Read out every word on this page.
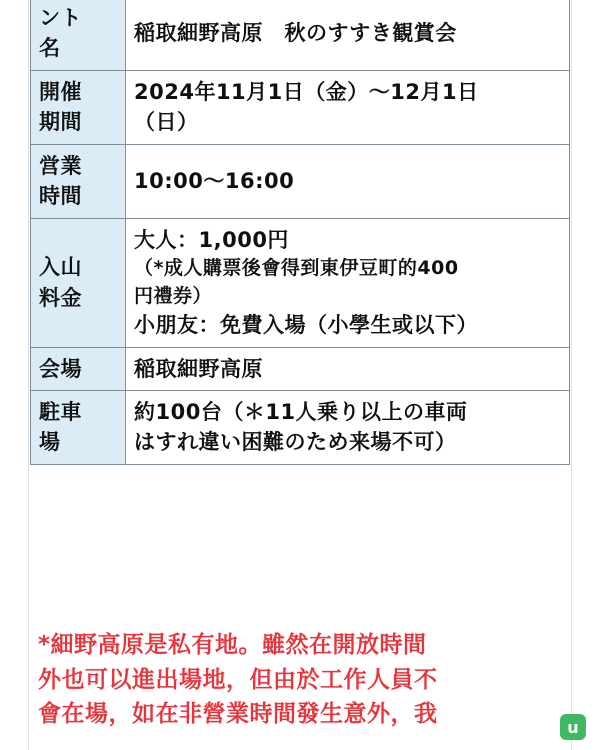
ント
名	稲取細野高原　秋のすすき観賞会

開催
期間	2024年11月1日（金）〜12月1日
（日）

営業
時間	10:00〜16:00

入山
料金	大人：1,000円
（*成人購票後會得到東伊豆町的400
円禮券）
小朋友：免費入場（小學生或以下）

会場	稲取細野高原

駐車
場	約100台（＊11人乗り以上の車両
はすれ違い困難のため来場不可）
*細野高原是私有地。雖然在開放時間
外也可以進出場地，但由於工作人員不
會在場，如在非營業時間發生意外，我	u
